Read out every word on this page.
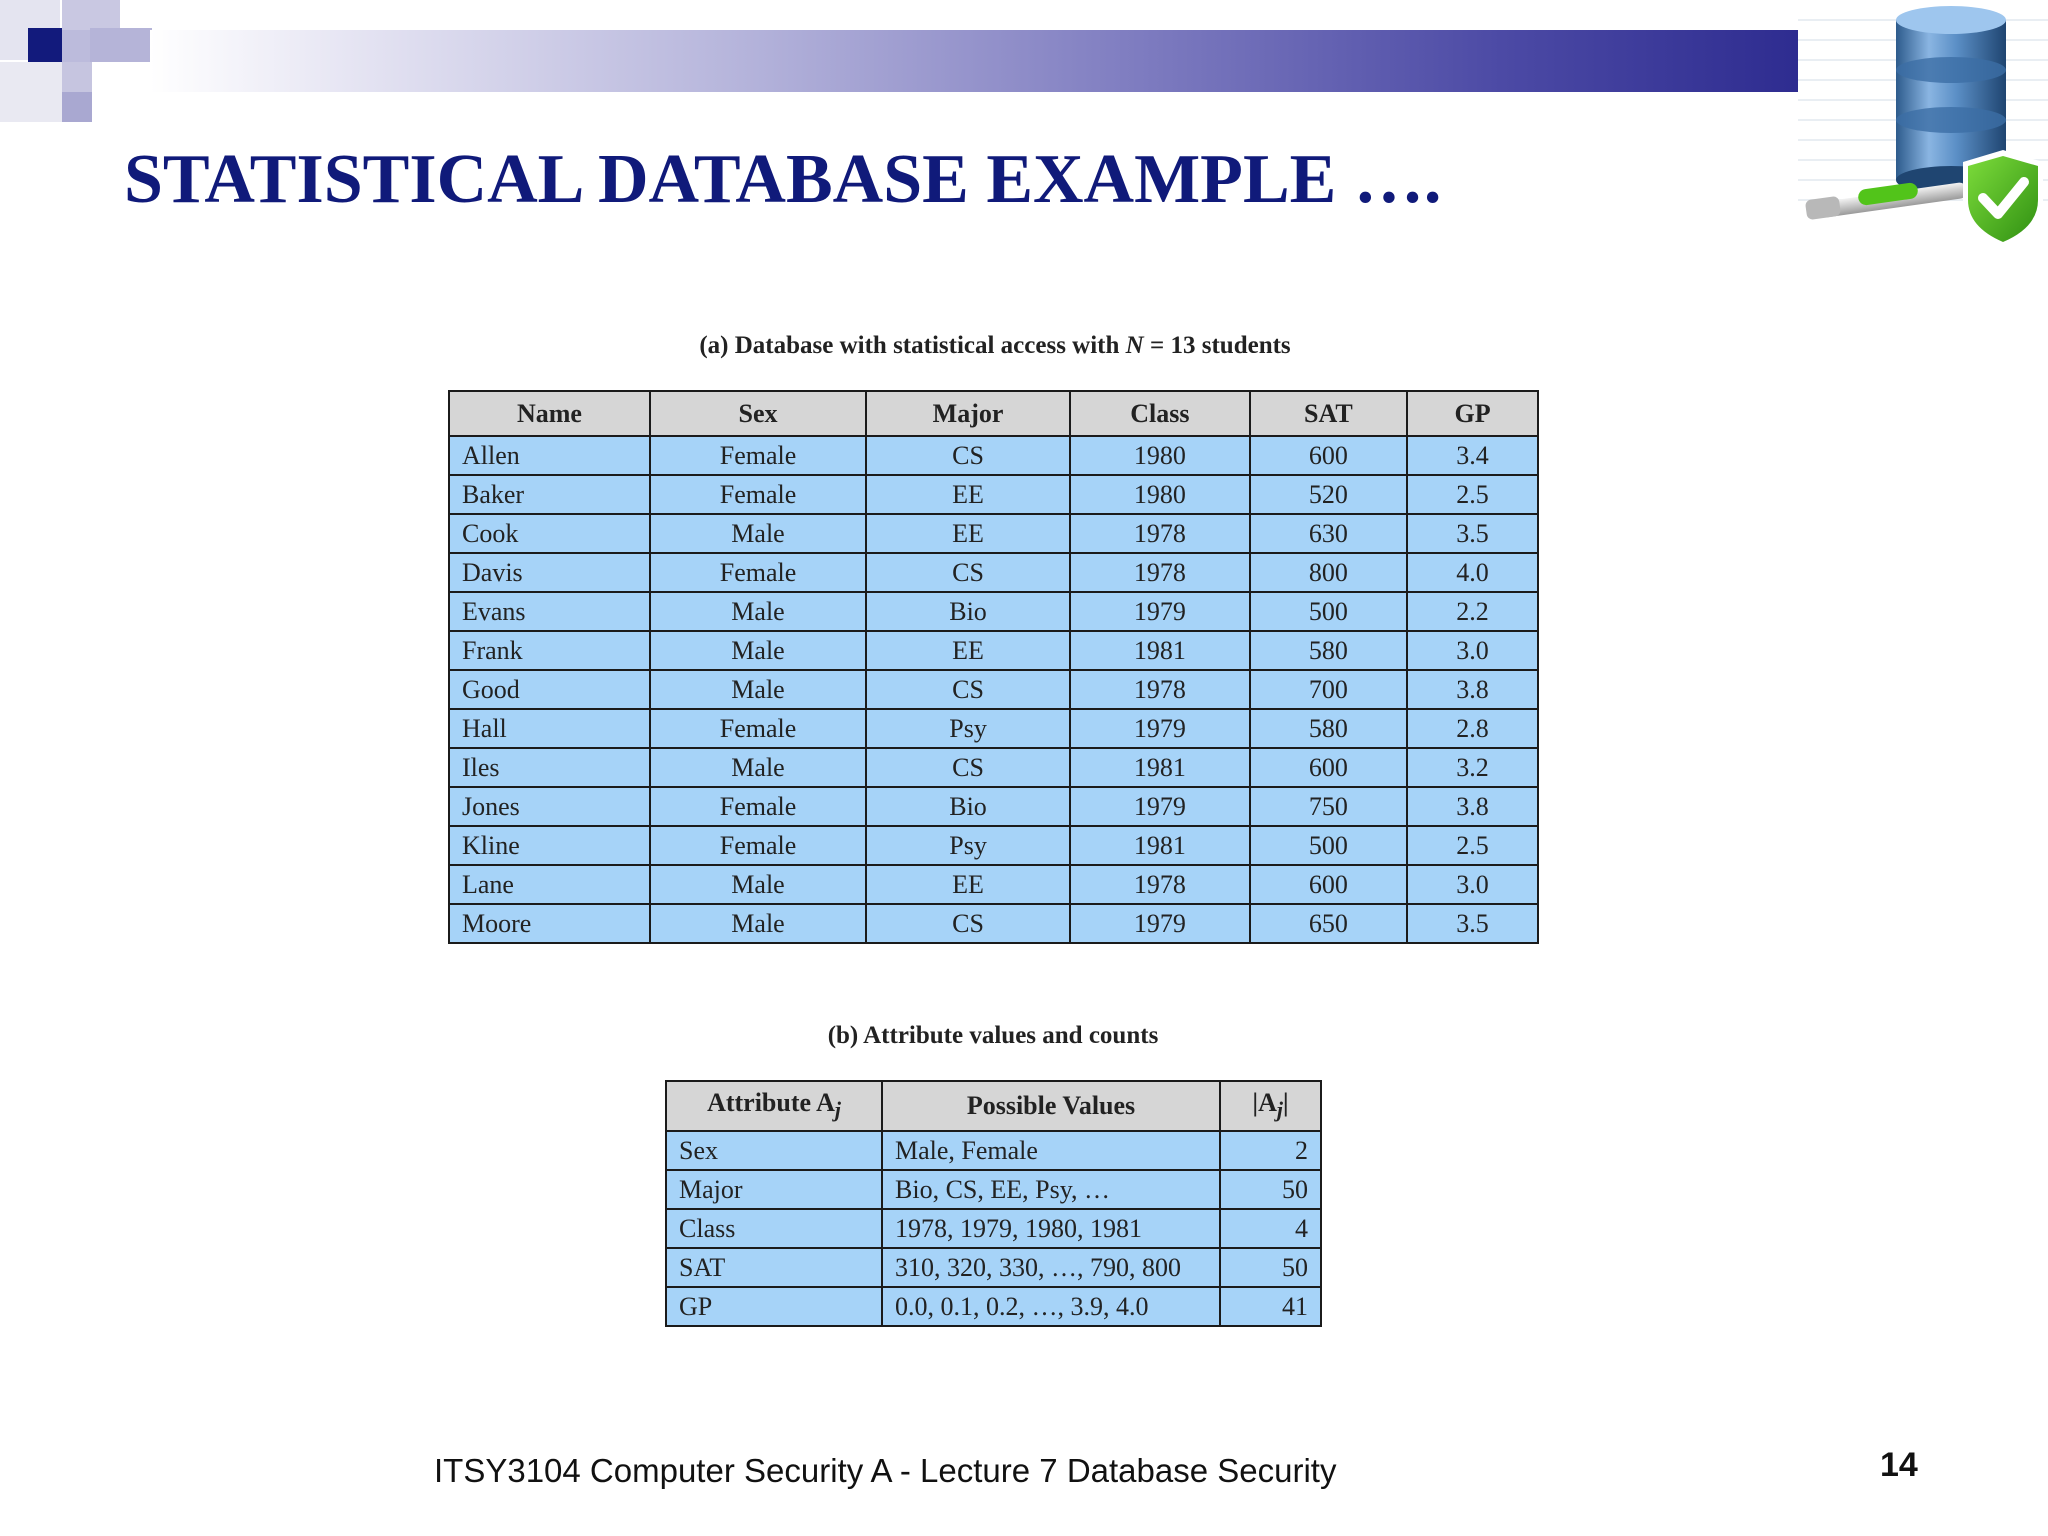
STATISTICAL DATABASE EXAMPLE ….
(a) Database with statistical access with N = 13 students
Name	Sex	Major	Class	SAT	GP
Allen	Female	CS	1980	600	3.4
Baker	Female	EE	1980	520	2.5
Cook	Male	EE	1978	630	3.5
Davis	Female	CS	1978	800	4.0
Evans	Male	Bio	1979	500	2.2
Frank	Male	EE	1981	580	3.0
Good	Male	CS	1978	700	3.8
Hall	Female	Psy	1979	580	2.8
Iles	Male	CS	1981	600	3.2
Jones	Female	Bio	1979	750	3.8
Kline	Female	Psy	1981	500	2.5
Lane	Male	EE	1978	600	3.0
Moore	Male	CS	1979	650	3.5
(b) Attribute values and counts
Attribute $A_j$	Possible Values	$|A_j|$
Sex	Male, Female	2
Major	Bio, CS, EE, Psy, …	50
Class	1978, 1979, 1980, 1981	4
SAT	310, 320, 330, …, 790, 800	50
GP	0.0, 0.1, 0.2, …, 3.9, 4.0	41
ITSY3104 Computer Security A - Lecture 7 Database Security	14
